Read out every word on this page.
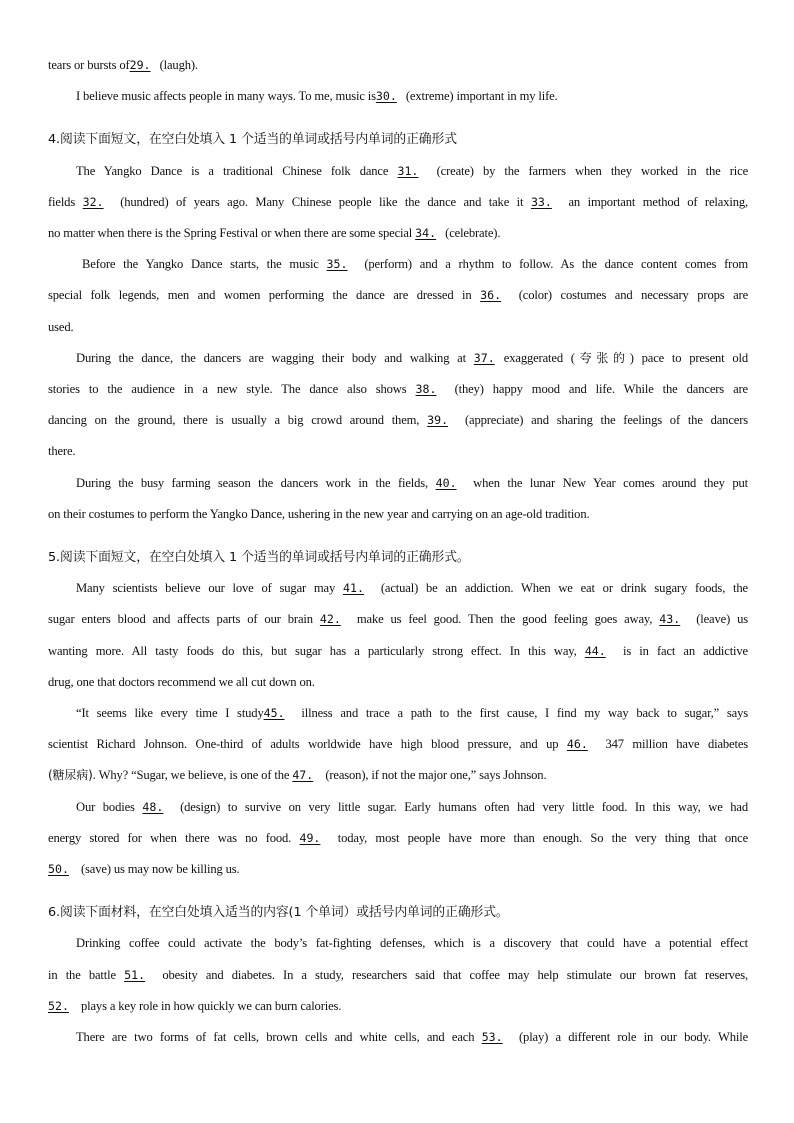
tears or bursts of29. (laugh).

I believe music affects people in many ways. To me, music is30. (extreme) important in my life.

4.阅读下面短文，在空白处填入 1 个适当的单词或括号内单词的正确形式

The Yangko Dance is a traditional Chinese folk dance 31. (create) by the farmers when they worked in the rice

fields 32. (hundred) of years ago. Many Chinese people like the dance and take it 33. an important method of relaxing,

no matter when there is the Spring Festival or when there are some special 34. (celebrate).

Before the Yangko Dance starts, the music 35. (perform) and a rhythm to follow. As the dance content comes from

special folk legends, men and women performing the dance are dressed in 36. (color) costumes and necessary props are

used.

During the dance, the dancers are wagging their body and walking at 37. exaggerated (夸张的) pace to present old

stories to the audience in a new style. The dance also shows 38. (they) happy mood and life. While the dancers are

dancing on the ground, there is usually a big crowd around them, 39. (appreciate) and sharing the feelings of the dancers

there.

During the busy farming season the dancers work in the fields, 40. when the lunar New Year comes around they put

on their costumes to perform the Yangko Dance, ushering in the new year and carrying on an age-old tradition.

5.阅读下面短文，在空白处填入 1 个适当的单词或括号内单词的正确形式。

Many scientists believe our love of sugar may 41. (actual) be an addiction. When we eat or drink sugary foods, the

sugar enters blood and affects parts of our brain 42. make us feel good. Then the good feeling goes away, 43. (leave) us

wanting more. All tasty foods do this, but sugar has a particularly strong effect. In this way, 44. is in fact an addictive

drug, one that doctors recommend we all cut down on.

“It seems like every time I study45. illness and trace a path to the first cause, I find my way back to sugar,” says

scientist Richard Johnson. One-third of adults worldwide have high blood pressure, and up 46. 347 million have diabetes

(糖尿病). Why? “Sugar, we believe, is one of the 47. (reason), if not the major one,” says Johnson.

Our bodies 48. (design) to survive on very little sugar. Early humans often had very little food. In this way, we had

energy stored for when there was no food. 49. today, most people have more than enough. So the very thing that once

50. (save) us may now be killing us.

6.阅读下面材料，在空白处填入适当的内容(1 个单词）或括号内单词的正确形式。

Drinking coffee could activate the body’s fat-fighting defenses, which is a discovery that could have a potential effect

in the battle 51. obesity and diabetes. In a study, researchers said that coffee may help stimulate our brown fat reserves,

52. plays a key role in how quickly we can burn calories.

There are two forms of fat cells, brown cells and white cells, and each 53. (play) a different role in our body. While
